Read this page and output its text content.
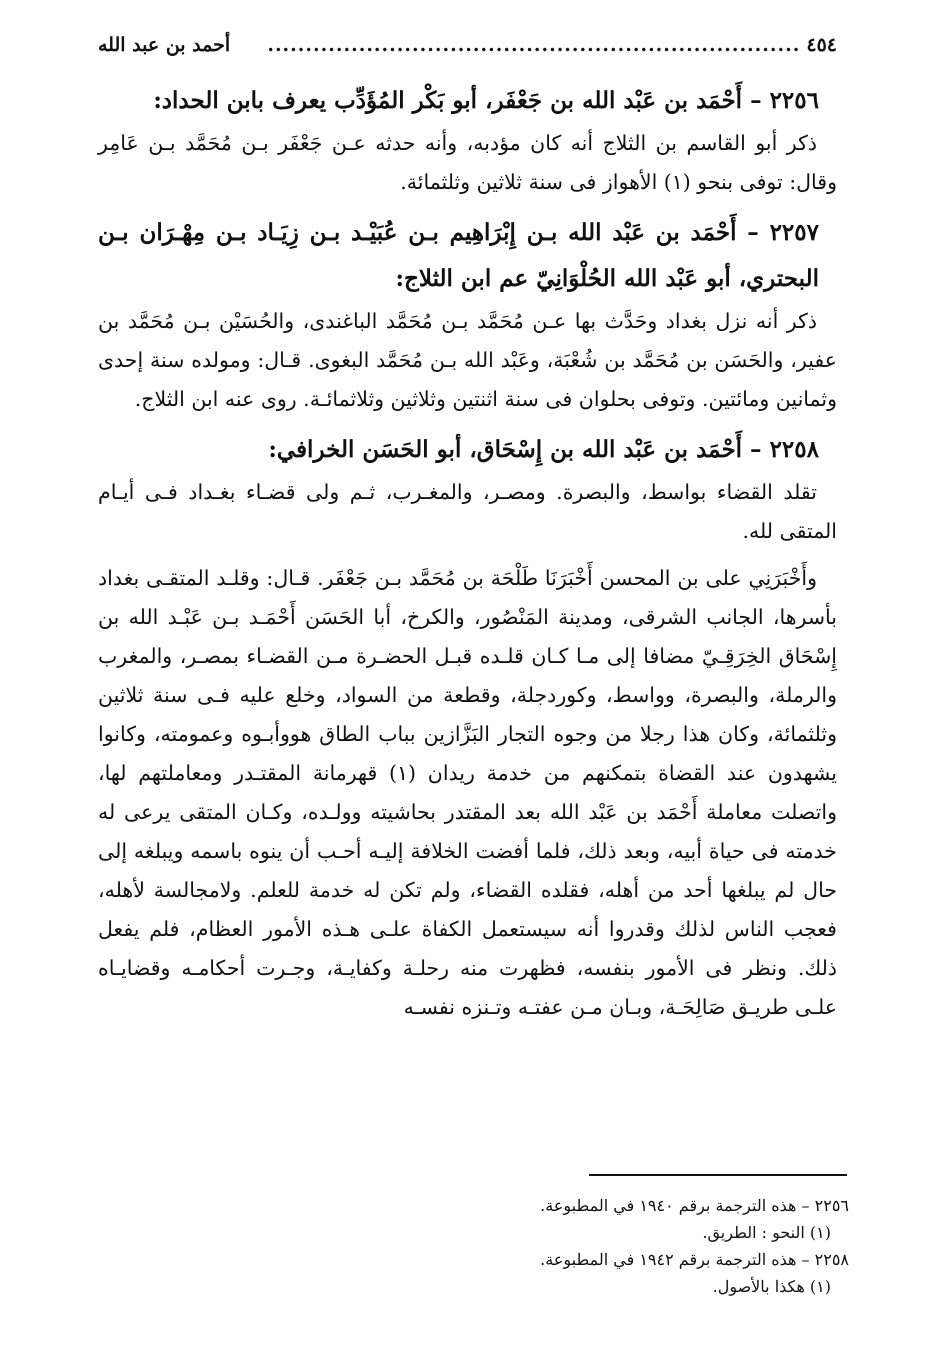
٤٥٤
......................................................................
أحمد بن عبد الله

٢٢٥٦ – أَحْمَد بن عَبْد الله بن جَعْفَر، أبو بَكْر المُؤَدِّب يعرف بابن الحداد:

ذكر أبو القاسم بن الثلاج أنه كان مؤدبه، وأنه حدثه عـن جَعْفَر بـن مُحَمَّد بـن عَامِر وقال: توفى بنحو (١) الأهواز فى سنة ثلاثين وثلثمائة.

٢٢٥٧ – أَحْمَد بن عَبْد الله بـن إِبْرَاهِيم بـن عُبَيْـد بـن زِيَـاد بـن مِهْـرَان بـن البحتري، أبو عَبْد الله الحُلْوَانِيّ عم ابن الثلاج:

ذكر أنه نزل بغداد وحَدَّث بها عـن مُحَمَّد بـن مُحَمَّد الباغندى، والحُسَيْن بـن مُحَمَّد بن عفير، والحَسَن بن مُحَمَّد بن شُعْبَة، وعَبْد الله بـن مُحَمَّد البغوى. قـال: ومولده سنة إحدى وثمانين ومائتين. وتوفى بحلوان فى سنة اثنتين وثلاثين وثلاثمائـة. روى عنه ابن الثلاج.

٢٢٥٨ – أَحْمَد بن عَبْد الله بن إِسْحَاق، أبو الحَسَن الخرافي:

تقلد القضاء بواسط، والبصرة. ومصـر، والمغـرب، ثـم ولى قضـاء بغـداد فـى أيـام المتقى لله.

وأَخْبَرَنِي على بن المحسن أَخْبَرَنَا طَلْحَة بن مُحَمَّد بـن جَعْفَر. قـال: وقلـد المتقـى بغداد بأسرها، الجانب الشرقى، ومدينة المَنْصُور، والكرخ، أبا الحَسَن أَحْمَـد بـن عَبْـد الله بن إِسْحَاق الخِرَقِـيّ مضافا إلى مـا كـان قلـده قبـل الحضـرة مـن القضـاء بمصـر، والمغرب والرملة، والبصرة، وواسط، وكوردجلة، وقطعة من السواد، وخلع عليه فـى سنة ثلاثين وثلثمائة، وكان هذا رجلا من وجوه التجار البَزَّازين بباب الطاق هووأبـوه وعمومته، وكانوا يشهدون عند القضاة بتمكنهم من خدمة ريدان (١) قهرمانة المقتـدر ومعاملتهم لها، واتصلت معاملة أَحْمَد بن عَبْد الله بعد المقتدر بحاشيته وولـده، وكـان المتقى يرعى له خدمته فى حياة أبيه، وبعد ذلك، فلما أفضت الخلافة إليـه أحـب أن ينوه باسمه ويبلغه إلى حال لم يبلغها أحد من أهله، فقلده القضاء، ولم تكن له خدمة للعلم. ولامجالسة لأهله، فعجب الناس لذلك وقدروا أنه سيستعمل الكفاة علـى هـذه الأمور العظام، فلم يفعل ذلك. ونظر فى الأمور بنفسه، فظهرت منه رحلـة وكفايـة، وجـرت أحكامـه وقضايـاه علـى طريـق صَالِحَـة، وبـان مـن عفتـه وتـنزه نفسـه

٢٢٥٦ – هذه الترجمة برقم ١٩٤٠ في المطبوعة.

(١) النحو : الطريق.

٢٢٥٨ – هذه الترجمة برقم ١٩٤٢ في المطبوعة.

(١) هكذا بالأصول.
